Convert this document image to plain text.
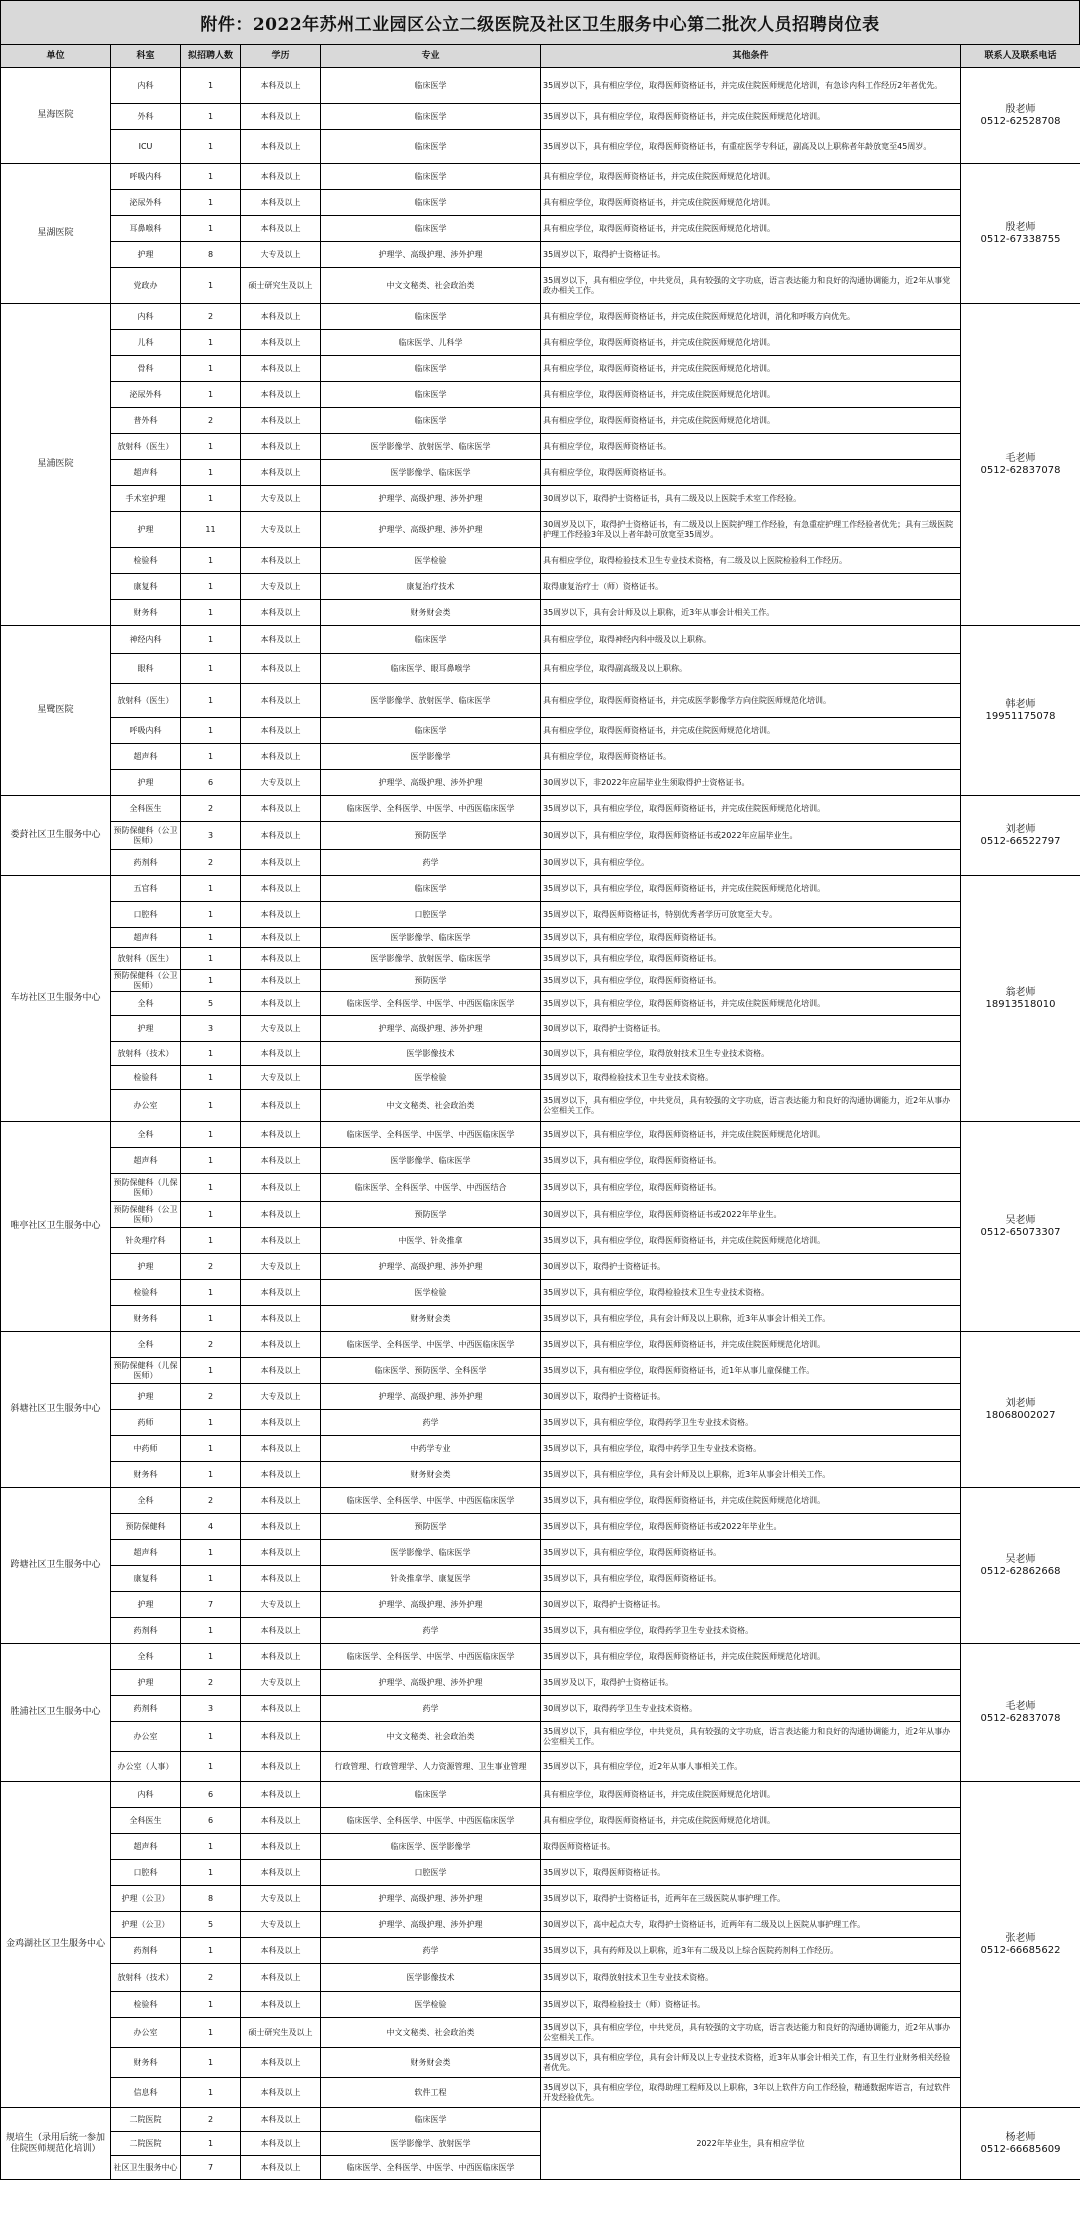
附件：2022年苏州工业园区公立二级医院及社区卫生服务中心第二批次人员招聘岗位表
单位	科室	拟招聘人数	学历	专业	其他条件	联系人及联系电话
星海医院	内科	1	本科及以上	临床医学	35周岁以下，具有相应学位，取得医师资格证书，并完成住院医师规范化培训，有急诊内科工作经历2年者优先。	殷老师
0512-62528708

	外科	1	本科及以上	临床医学	35周岁以下，具有相应学位，取得医师资格证书，并完成住院医师规范化培训。	
	ICU	1	本科及以上	临床医学	35周岁以下，具有相应学位，取得医师资格证书，有重症医学专科证，副高及以上职称者年龄放宽至45周岁。	
星湖医院	呼吸内科	1	本科及以上	临床医学	具有相应学位，取得医师资格证书，并完成住院医师规范化培训。	殷老师
0512-67338755

	泌尿外科	1	本科及以上	临床医学	具有相应学位，取得医师资格证书，并完成住院医师规范化培训。	
	耳鼻喉科	1	本科及以上	临床医学	具有相应学位，取得医师资格证书，并完成住院医师规范化培训。	
	护理	8	大专及以上	护理学、高级护理、涉外护理	35周岁以下，取得护士资格证书。	
	党政办	1	硕士研究生及以上	中文文秘类、社会政治类	35周岁以下，具有相应学位，中共党员，具有较强的文字功底，语言表达能力和良好的沟通协调能力，近2年从事党政办相关工作。	
星浦医院	内科	2	本科及以上	临床医学	具有相应学位，取得医师资格证书，并完成住院医师规范化培训，消化和呼吸方向优先。	毛老师
0512-62837078

	儿科	1	本科及以上	临床医学、儿科学	具有相应学位，取得医师资格证书，并完成住院医师规范化培训。	
	骨科	1	本科及以上	临床医学	具有相应学位，取得医师资格证书，并完成住院医师规范化培训。	
	泌尿外科	1	本科及以上	临床医学	具有相应学位，取得医师资格证书，并完成住院医师规范化培训。	
	普外科	2	本科及以上	临床医学	具有相应学位，取得医师资格证书，并完成住院医师规范化培训。	
	放射科（医生）	1	本科及以上	医学影像学、放射医学、临床医学	具有相应学位，取得医师资格证书。	
	超声科	1	本科及以上	医学影像学、临床医学	具有相应学位，取得医师资格证书。	
	手术室护理	1	大专及以上	护理学、高级护理、涉外护理	30周岁以下，取得护士资格证书，具有二级及以上医院手术室工作经验。	
	护理	11	大专及以上	护理学、高级护理、涉外护理	30周岁及以下，取得护士资格证书，有二级及以上医院护理工作经验，有急重症护理工作经验者优先；具有三级医院护理工作经验3年及以上者年龄可放宽至35周岁。	
	检验科	1	本科及以上	医学检验	具有相应学位，取得检验技术卫生专业技术资格，有二级及以上医院检验科工作经历。	
	康复科	1	大专及以上	康复治疗技术	取得康复治疗士（师）资格证书。	
	财务科	1	本科及以上	财务财会类	35周岁以下，具有会计师及以上职称，近3年从事会计相关工作。	
星鹭医院	神经内科	1	本科及以上	临床医学	具有相应学位，取得神经内科中级及以上职称。	韩老师
19951175078

	眼科	1	本科及以上	临床医学、眼耳鼻喉学	具有相应学位，取得副高级及以上职称。	
	放射科（医生）	1	本科及以上	医学影像学、放射医学、临床医学	具有相应学位，取得医师资格证书，并完成医学影像学方向住院医师规范化培训。	
	呼吸内科	1	本科及以上	临床医学	具有相应学位，取得医师资格证书，并完成住院医师规范化培训。	
	超声科	1	本科及以上	医学影像学	具有相应学位，取得医师资格证书。	
	护理	6	大专及以上	护理学、高级护理、涉外护理	30周岁以下，非2022年应届毕业生须取得护士资格证书。	
娄葑社区卫生服务中心	全科医生	2	本科及以上	临床医学、全科医学、中医学、中西医临床医学	35周岁以下，具有相应学位，取得医师资格证书，并完成住院医师规范化培训。	刘老师
0512-66522797

	预防保健科（公卫医师）	3	本科及以上	预防医学	30周岁以下，具有相应学位，取得医师资格证书或2022年应届毕业生。	
	药剂科	2	本科及以上	药学	30周岁以下，具有相应学位。	
车坊社区卫生服务中心	五官科	1	本科及以上	临床医学	35周岁以下，具有相应学位，取得医师资格证书，并完成住院医师规范化培训。	翁老师
18913518010

	口腔科	1	本科及以上	口腔医学	35周岁以下，取得医师资格证书，特别优秀者学历可放宽至大专。	
	超声科	1	本科及以上	医学影像学、临床医学	35周岁以下，具有相应学位，取得医师资格证书。	
	放射科（医生）	1	本科及以上	医学影像学、放射医学、临床医学	35周岁以下，具有相应学位，取得医师资格证书。	
	预防保健科（公卫医师）	1	本科及以上	预防医学	35周岁以下，具有相应学位，取得医师资格证书。	
	全科	5	本科及以上	临床医学、全科医学、中医学、中西医临床医学	35周岁以下，具有相应学位，取得医师资格证书，并完成住院医师规范化培训。	
	护理	3	大专及以上	护理学、高级护理、涉外护理	30周岁以下，取得护士资格证书。	
	放射科（技术）	1	本科及以上	医学影像技术	30周岁以下，具有相应学位，取得放射技术卫生专业技术资格。	
	检验科	1	大专及以上	医学检验	35周岁以下，取得检验技术卫生专业技术资格。	
	办公室	1	本科及以上	中文文秘类、社会政治类	35周岁以下，具有相应学位，中共党员，具有较强的文字功底，语言表达能力和良好的沟通协调能力，近2年从事办公室相关工作。	
唯亭社区卫生服务中心	全科	1	本科及以上	临床医学、全科医学、中医学、中西医临床医学	35周岁以下，具有相应学位，取得医师资格证书，并完成住院医师规范化培训。	吴老师
0512-65073307

	超声科	1	本科及以上	医学影像学、临床医学	35周岁以下，具有相应学位，取得医师资格证书。	
	预防保健科（儿保医师）	1	本科及以上	临床医学、全科医学、中医学、中西医结合	35周岁以下，具有相应学位，取得医师资格证书。	
	预防保健科（公卫医师）	1	本科及以上	预防医学	30周岁以下，具有相应学位，取得医师资格证书或2022年毕业生。	
	针灸理疗科	1	本科及以上	中医学、针灸推拿	35周岁以下，具有相应学位，取得医师资格证书，并完成住院医师规范化培训。	
	护理	2	大专及以上	护理学、高级护理、涉外护理	30周岁以下，取得护士资格证书。	
	检验科	1	本科及以上	医学检验	35周岁以下，具有相应学位，取得检验技术卫生专业技术资格。	
	财务科	1	本科及以上	财务财会类	35周岁以下，具有相应学位，具有会计师及以上职称，近3年从事会计相关工作。	
斜塘社区卫生服务中心	全科	2	本科及以上	临床医学、全科医学、中医学、中西医临床医学	35周岁以下，具有相应学位，取得医师资格证书，并完成住院医师规范化培训。	刘老师
18068002027

	预防保健科（儿保医师）	1	本科及以上	临床医学、预防医学、全科医学	35周岁以下，具有相应学位，取得医师资格证书，近1年从事儿童保健工作。	
	护理	2	大专及以上	护理学、高级护理、涉外护理	30周岁以下，取得护士资格证书。	
	药师	1	本科及以上	药学	35周岁以下，具有相应学位，取得药学卫生专业技术资格。	
	中药师	1	本科及以上	中药学专业	35周岁以下，具有相应学位，取得中药学卫生专业技术资格。	
	财务科	1	本科及以上	财务财会类	35周岁以下，具有相应学位，具有会计师及以上职称，近3年从事会计相关工作。	
跨塘社区卫生服务中心	全科	2	本科及以上	临床医学、全科医学、中医学、中西医临床医学	35周岁以下，具有相应学位，取得医师资格证书，并完成住院医师规范化培训。	吴老师
0512-62862668

	预防保健科	4	本科及以上	预防医学	35周岁以下，具有相应学位，取得医师资格证书或2022年毕业生。	
	超声科	1	本科及以上	医学影像学、临床医学	35周岁以下，具有相应学位，取得医师资格证书。	
	康复科	1	本科及以上	针灸推拿学、康复医学	35周岁以下，具有相应学位，取得医师资格证书。	
	护理	7	大专及以上	护理学、高级护理、涉外护理	30周岁以下，取得护士资格证书。	
	药剂科	1	本科及以上	药学	35周岁以下，具有相应学位，取得药学卫生专业技术资格。	
胜浦社区卫生服务中心	全科	1	本科及以上	临床医学、全科医学、中医学、中西医临床医学	35周岁以下，具有相应学位，取得医师资格证书，并完成住院医师规范化培训。	毛老师
0512-62837078

	护理	2	大专及以上	护理学、高级护理、涉外护理	35周岁及以下，取得护士资格证书。	
	药剂科	3	本科及以上	药学	30周岁以下，取得药学卫生专业技术资格。	
	办公室	1	本科及以上	中文文秘类、社会政治类	35周岁以下，具有相应学位，中共党员，具有较强的文字功底，语言表达能力和良好的沟通协调能力，近2年从事办公室相关工作。	
	办公室（人事）	1	本科及以上	行政管理、行政管理学、人力资源管理、卫生事业管理	35周岁以下，具有相应学位，近2年从事人事相关工作。	
金鸡湖社区卫生服务中心	内科	6	本科及以上	临床医学	具有相应学位，取得医师资格证书，并完成住院医师规范化培训。	张老师
0512-66685622

	全科医生	6	本科及以上	临床医学、全科医学、中医学、中西医临床医学	具有相应学位，取得医师资格证书，并完成住院医师规范化培训。	
	超声科	1	本科及以上	临床医学、医学影像学	取得医师资格证书。	
	口腔科	1	本科及以上	口腔医学	35周岁以下，取得医师资格证书。	
	护理（公卫）	8	大专及以上	护理学、高级护理、涉外护理	35周岁以下，取得护士资格证书，近两年在三级医院从事护理工作。	
	护理（公卫）	5	大专及以上	护理学、高级护理、涉外护理	30周岁以下，高中起点大专，取得护士资格证书，近两年有二级及以上医院从事护理工作。	
	药剂科	1	本科及以上	药学	35周岁以下，具有药师及以上职称，近3年有二级及以上综合医院药剂科工作经历。	
	放射科（技术）	2	本科及以上	医学影像技术	35周岁以下，取得放射技术卫生专业技术资格。	
	检验科	1	本科及以上	医学检验	35周岁以下，取得检验技士（师）资格证书。	
	办公室	1	硕士研究生及以上	中文文秘类、社会政治类	35周岁以下，具有相应学位，中共党员，具有较强的文字功底，语言表达能力和良好的沟通协调能力，近2年从事办公室相关工作。	
	财务科	1	本科及以上	财务财会类	35周岁以下，具有相应学位，具有会计师及以上专业技术资格，近3年从事会计相关工作，有卫生行业财务相关经验者优先。	
	信息科	1	本科及以上	软件工程	35周岁以下，具有相应学位，取得助理工程师及以上职称，3年以上软件方向工作经验，精通数据库语言，有过软件开发经验优先。	
规培生（录用后统一参加住院医师规范化培训）	二院医院	2	本科及以上	临床医学	2022年毕业生，具有相应学位	杨老师
0512-66685609

	二院医院	1	本科及以上	医学影像学、放射医学		
	社区卫生服务中心	7	本科及以上	临床医学、全科医学、中医学、中西医临床医学		
